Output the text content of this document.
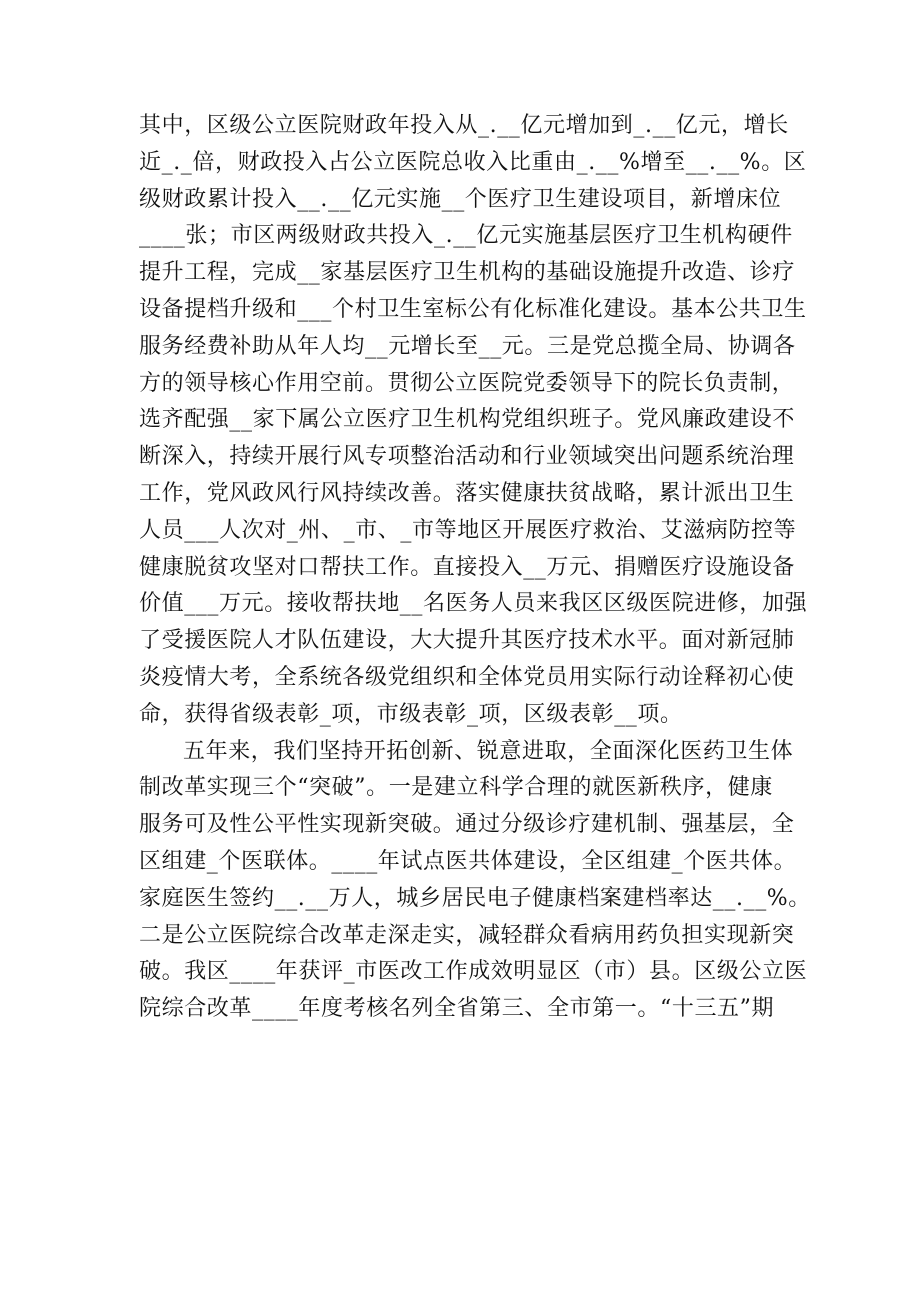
其中，区级公立医院财政年投入从_.__亿元增加到_.__亿元，增长
近_._倍，财政投入占公立医院总收入比重由_.__%增至__.__%。区
级财政累计投入__.__亿元实施__个医疗卫生建设项目，新增床位
____张；市区两级财政共投入_.__亿元实施基层医疗卫生机构硬件
提升工程，完成__家基层医疗卫生机构的基础设施提升改造、诊疗
设备提档升级和___个村卫生室标公有化标准化建设。基本公共卫生
服务经费补助从年人均__元增长至__元。三是党总揽全局、协调各
方的领导核心作用空前。贯彻公立医院党委领导下的院长负责制，
选齐配强__家下属公立医疗卫生机构党组织班子。党风廉政建设不
断深入，持续开展行风专项整治活动和行业领域突出问题系统治理
工作，党风政风行风持续改善。落实健康扶贫战略，累计派出卫生
人员___人次对_州、_市、_市等地区开展医疗救治、艾滋病防控等
健康脱贫攻坚对口帮扶工作。直接投入__万元、捐赠医疗设施设备
价值___万元。接收帮扶地__名医务人员来我区区级医院进修，加强
了受援医院人才队伍建设，大大提升其医疗技术水平。面对新冠肺
炎疫情大考，全系统各级党组织和全体党员用实际行动诠释初心使
命，获得省级表彰_项，市级表彰_项，区级表彰__项。
五年来，我们坚持开拓创新、锐意进取，全面深化医药卫生体
制改革实现三个“突破”。一是建立科学合理的就医新秩序，健康
服务可及性公平性实现新突破。通过分级诊疗建机制、强基层，全
区组建_个医联体。____年试点医共体建设，全区组建_个医共体。
家庭医生签约__.__万人，城乡居民电子健康档案建档率达__.__%。
二是公立医院综合改革走深走实，减轻群众看病用药负担实现新突
破。我区____年获评_市医改工作成效明显区（市）县。区级公立医
院综合改革____年度考核名列全省第三、全市第一。“十三五”期
